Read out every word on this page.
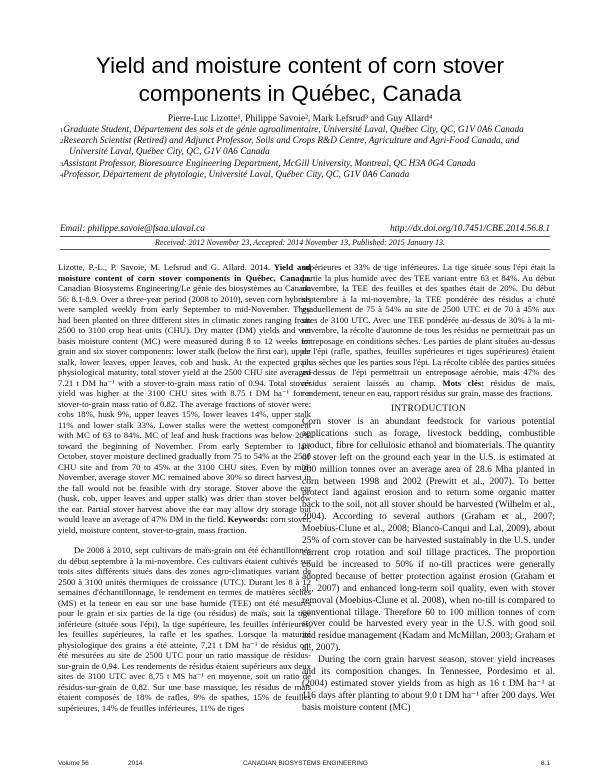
Yield and moisture content of corn stover components in Québec, Canada
Pierre-Luc Lizotte¹, Philippe Savoie², Mark Lefsrud³ and Guy Allard⁴
$^1$Graduate Student, Département des sols et de génie agroalimentaire, Université Laval, Québec City, QC, G1V 0A6 Canada
$^2$Research Scientist (Retired) and Adjunct Professor, Soils and Crops R&D Centre, Agriculture and Agri-Food Canada, and Université Laval, Québec City, QC, G1V 0A6 Canada
$^3$Assistant Professor, Bioresource Engineering Department, McGill University, Montreal, QC H3A 0G4 Canada
$^4$Professor, Département de phytologie, Université Laval, Québec City, QC, G1V 0A6 Canada
Email: philippe.savoie@fsaa.ulaval.ca	http://dx.doi.org/10.7451/CBE.2014.56.8.1
Received: 2012 November 23, Accepted: 2014 November 13, Published: 2015 January 13.

Lizotte, P.-L., P. Savoie, M. Lefsrud and G. Allard. 2014. Yield and moisture content of corn stover components in Québec, Canada. Canadian Biosystems Engineering/Le génie des biosystèmes au Canada 56: 8.1-8.9. Over a three-year period (2008 to 2010), seven corn hybrids were sampled weekly from early September to mid-November. They had been planted on three different sites in climatic zones ranging from 2500 to 3100 crop heat units (CHU). Dry matter (DM) yields and wet basis moisture content (MC) were measured during 8 to 12 weeks for grain and six stover components: lower stalk (below the first ear), upper stalk, lower leaves, upper leaves, cob and husk. At the expected grain physiological maturity, total stover yield at the 2500 CHU site averaged 7.21 t DM ha⁻¹ with a stover-to-grain mass ratio of 0.94. Total stover yield was higher at the 3100 CHU sites with 8.75 t DM ha⁻¹ for a stover-to-grain mass ratio of 0.82. The average fractions of stover were: cobs 18%, husk 9%, upper leaves 15%, lower leaves 14%, upper stalk 11% and lower stalk 33%. Lower stalks were the wettest component with MC of 63 to 84%. MC of leaf and husk fractions was below 20% toward the beginning of November. From early September to late October, stover moisture declined gradually from 75 to 54% at the 2500 CHU site and from 70 to 45% at the 3100 CHU sites. Even by mid-November, average stover MC remained above 30% so direct harvest in the fall would not be feasible with dry storage. Stover above the ear (husk, cob, upper leaves and upper stalk) was drier than stover below the ear. Partial stover harvest above the ear may allow dry storage but would leave an average of 47% DM in the field. Keywords: corn stover, yield, moisture content, stover-to-grain, mass fraction.

De 2008 à 2010, sept cultivars de maïs-grain ont été échantillonnés du début septembre à la mi-novembre. Ces cultivars étaient cultivés sur trois sites différents situés dans des zones agro-climatiques variant de 2500 à 3100 unités thermiques de croissance (UTC). Durant les 8 à 12 semaines d'échantillonnage, le rendement en termes de matières sèches (MS) et la teneur en eau sur une base humide (TEE) ont été mesurés pour le grain et six parties de la tige (ou résidus) de maïs, soit la tige inférieure (située sous l'épi), la tige supérieure, les feuilles inférieures, les feuilles supérieures, la rafle et les spathes. Lorsque la maturité physiologique des grains a été atteinte, 7,21 t DM ha⁻¹ de résidus ont été mesurées au site de 2500 UTC pour un ratio massique de résidus-sur-grain de 0,94. Les rendements de résidus étaient supérieurs aux deux sites de 3100 UTC avec 8,75 t MS ha⁻¹ en moyenne, soit un ratio de résidus-sur-grain de 0,82. Sur une base massique, les résidus de maïs étaient composés de 18% de rafles, 9% de spathes, 15% de feuilles supérieures, 14% de feuilles inférieures, 11% de tiges

supérieures et 33% de tige inférieures. La tige située sous l'épi était la partie la plus humide avec des TEE variant entre 63 et 84%. Au début novembre, la TEE des feuilles et des spathes était de 20%. Du début septembre à la mi-novembre, la TEE pondérée des résidus a chuté graduellement de 75 à 54% au site de 2500 UTC et de 70 à 45% aux sites de 3100 UTC. Avec une TEE pondérée au-dessus de 30% à la mi-novembre, la récolte d'automne de tous les résidus ne permettrait pas un entreposage en conditions sèches. Les parties de plant situées au-dessus de l'épi (rafle, spathes, feuilles supérieures et tiges supérieures) étaient plus sèches que les parties sous l'épi. La récolte ciblée des parties situées au-dessus de l'épi permettrait un entreposage aérobie, mais 47% des résidus seraient laissés au champ. Mots clés: résidus de maïs, rendement, teneur en eau, rapport résidus sur grain, masse des fractions.

INTRODUCTION

Corn stover is an abundant feedstock for various potential applications such as forage, livestock bedding, combustible product, fibre for cellulosic ethanol and biomaterials. The quantity of stover left on the ground each year in the U.S. is estimated at 200 million tonnes over an average area of 28.6 Mha planted in corn between 1998 and 2002 (Prewitt et al., 2007). To better protect land against erosion and to return some organic matter back to the soil, not all stover should be harvested (Wilhelm et al., 2004). According to several authors (Graham et al., 2007; Moebius-Clune et al., 2008; Blanco-Canqui and Lal, 2009), about 25% of corn stover can be harvested sustainably in the U.S. under current crop rotation and soil tillage practices. The proportion could be increased to 50% if no-till practices were generally adopted because of better protection against erosion (Graham et al., 2007) and enhanced long-term soil quality, even with stover removal (Moebius-Clune et al. 2008), when no-till is compared to conventional tillage. Therefore 60 to 100 million tonnes of corn stover could be harvested every year in the U.S. with good soil and residue management (Kadam and McMillan, 2003; Graham et al., 2007).

During the corn grain harvest season, stover yield increases and its composition changes. In Tennessee, Pordesimo et al. (2004) estimated stover yields from as high as 16 t DM ha⁻¹ at 116 days after planting to about 9.0 t DM ha⁻¹ after 200 days. Wet basis moisture content (MC)

Volume 56	2014	CANADIAN BIOSYSTEMS ENGINEERING	8.1
